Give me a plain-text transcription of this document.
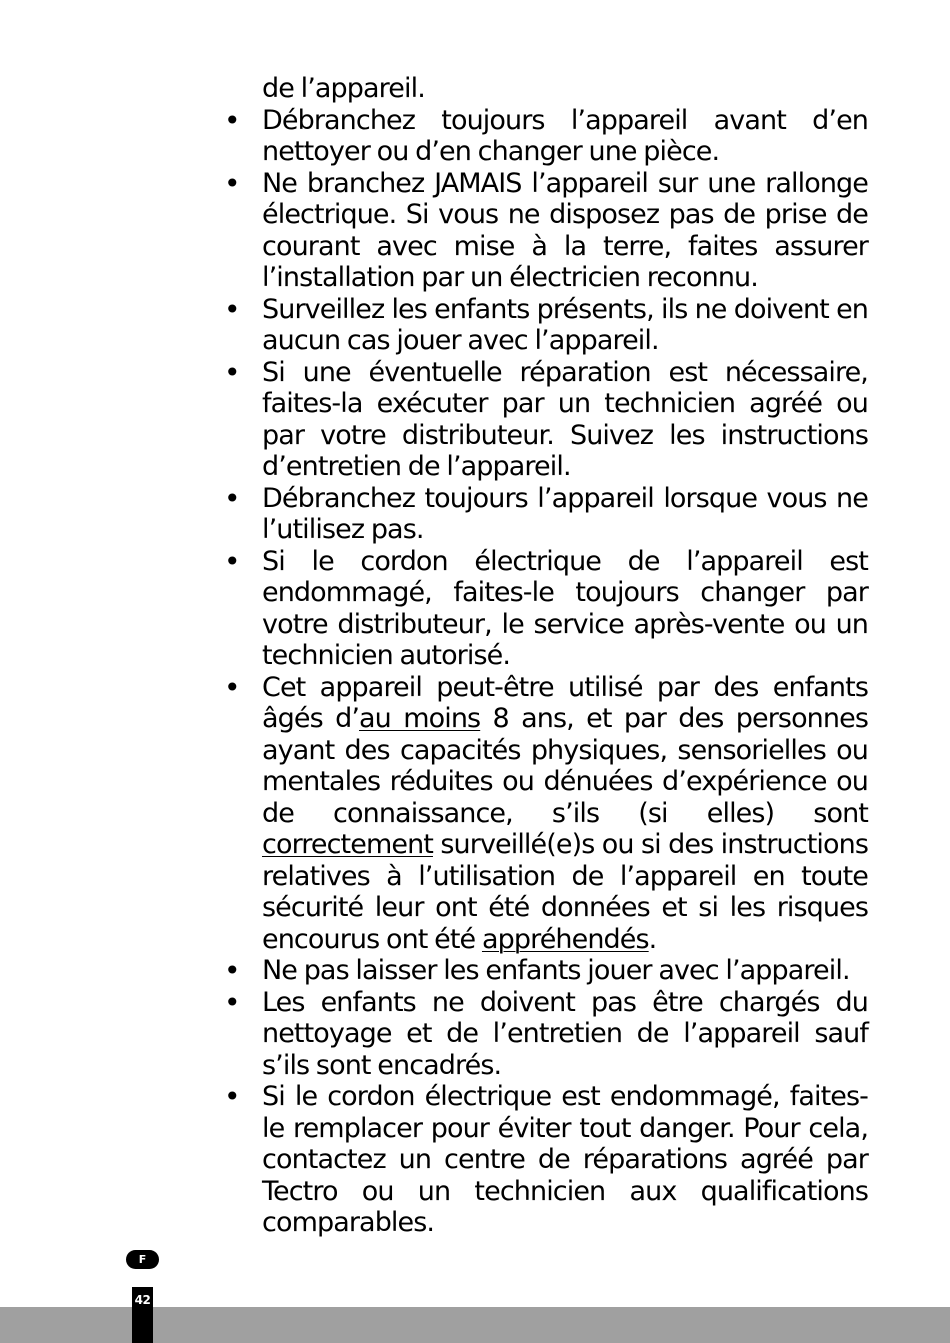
de l’appareil.

• Débranchez toujours l’appareil avant d’en nettoyer ou d’en changer une pièce.
• Ne branchez JAMAIS l’appareil sur une rallonge électrique. Si vous ne disposez pas de prise de courant avec mise à la terre, faites assurer l’installation par un électricien reconnu.
• Surveillez les enfants présents, ils ne doivent en aucun cas jouer avec l’appareil.
• Si une éventuelle réparation est nécessaire, faites-la exécuter par un technicien agréé ou par votre distributeur. Suivez les instructions d’entretien de l’appareil.
• Débranchez toujours l’appareil lorsque vous ne l’utilisez pas.
• Si le cordon électrique de l’appareil est endommagé, faites-le toujours changer par votre distributeur, le service après-vente ou un technicien autorisé.
• Cet appareil peut-être utilisé par des enfants âgés d’au moins 8 ans, et par des personnes ayant des capacités physiques, sensorielles ou mentales réduites ou dénuées d’expérience ou de connaissance, s’ils (si elles) sont correctement surveillé(e)s ou si des instructions relatives à l’utilisation de l’appareil en toute sécurité leur ont été données et si les risques encourus ont été appréhendés.
• Ne pas laisser les enfants jouer avec l’appareil.
• Les enfants ne doivent pas être chargés du nettoyage et de l’entretien de l’appareil sauf s’ils sont encadrés.
• Si le cordon électrique est endommagé, faites-le remplacer pour éviter tout danger. Pour cela, contactez un centre de réparations agréé par Tectro ou un technicien aux qualifications comparables.
F
42
